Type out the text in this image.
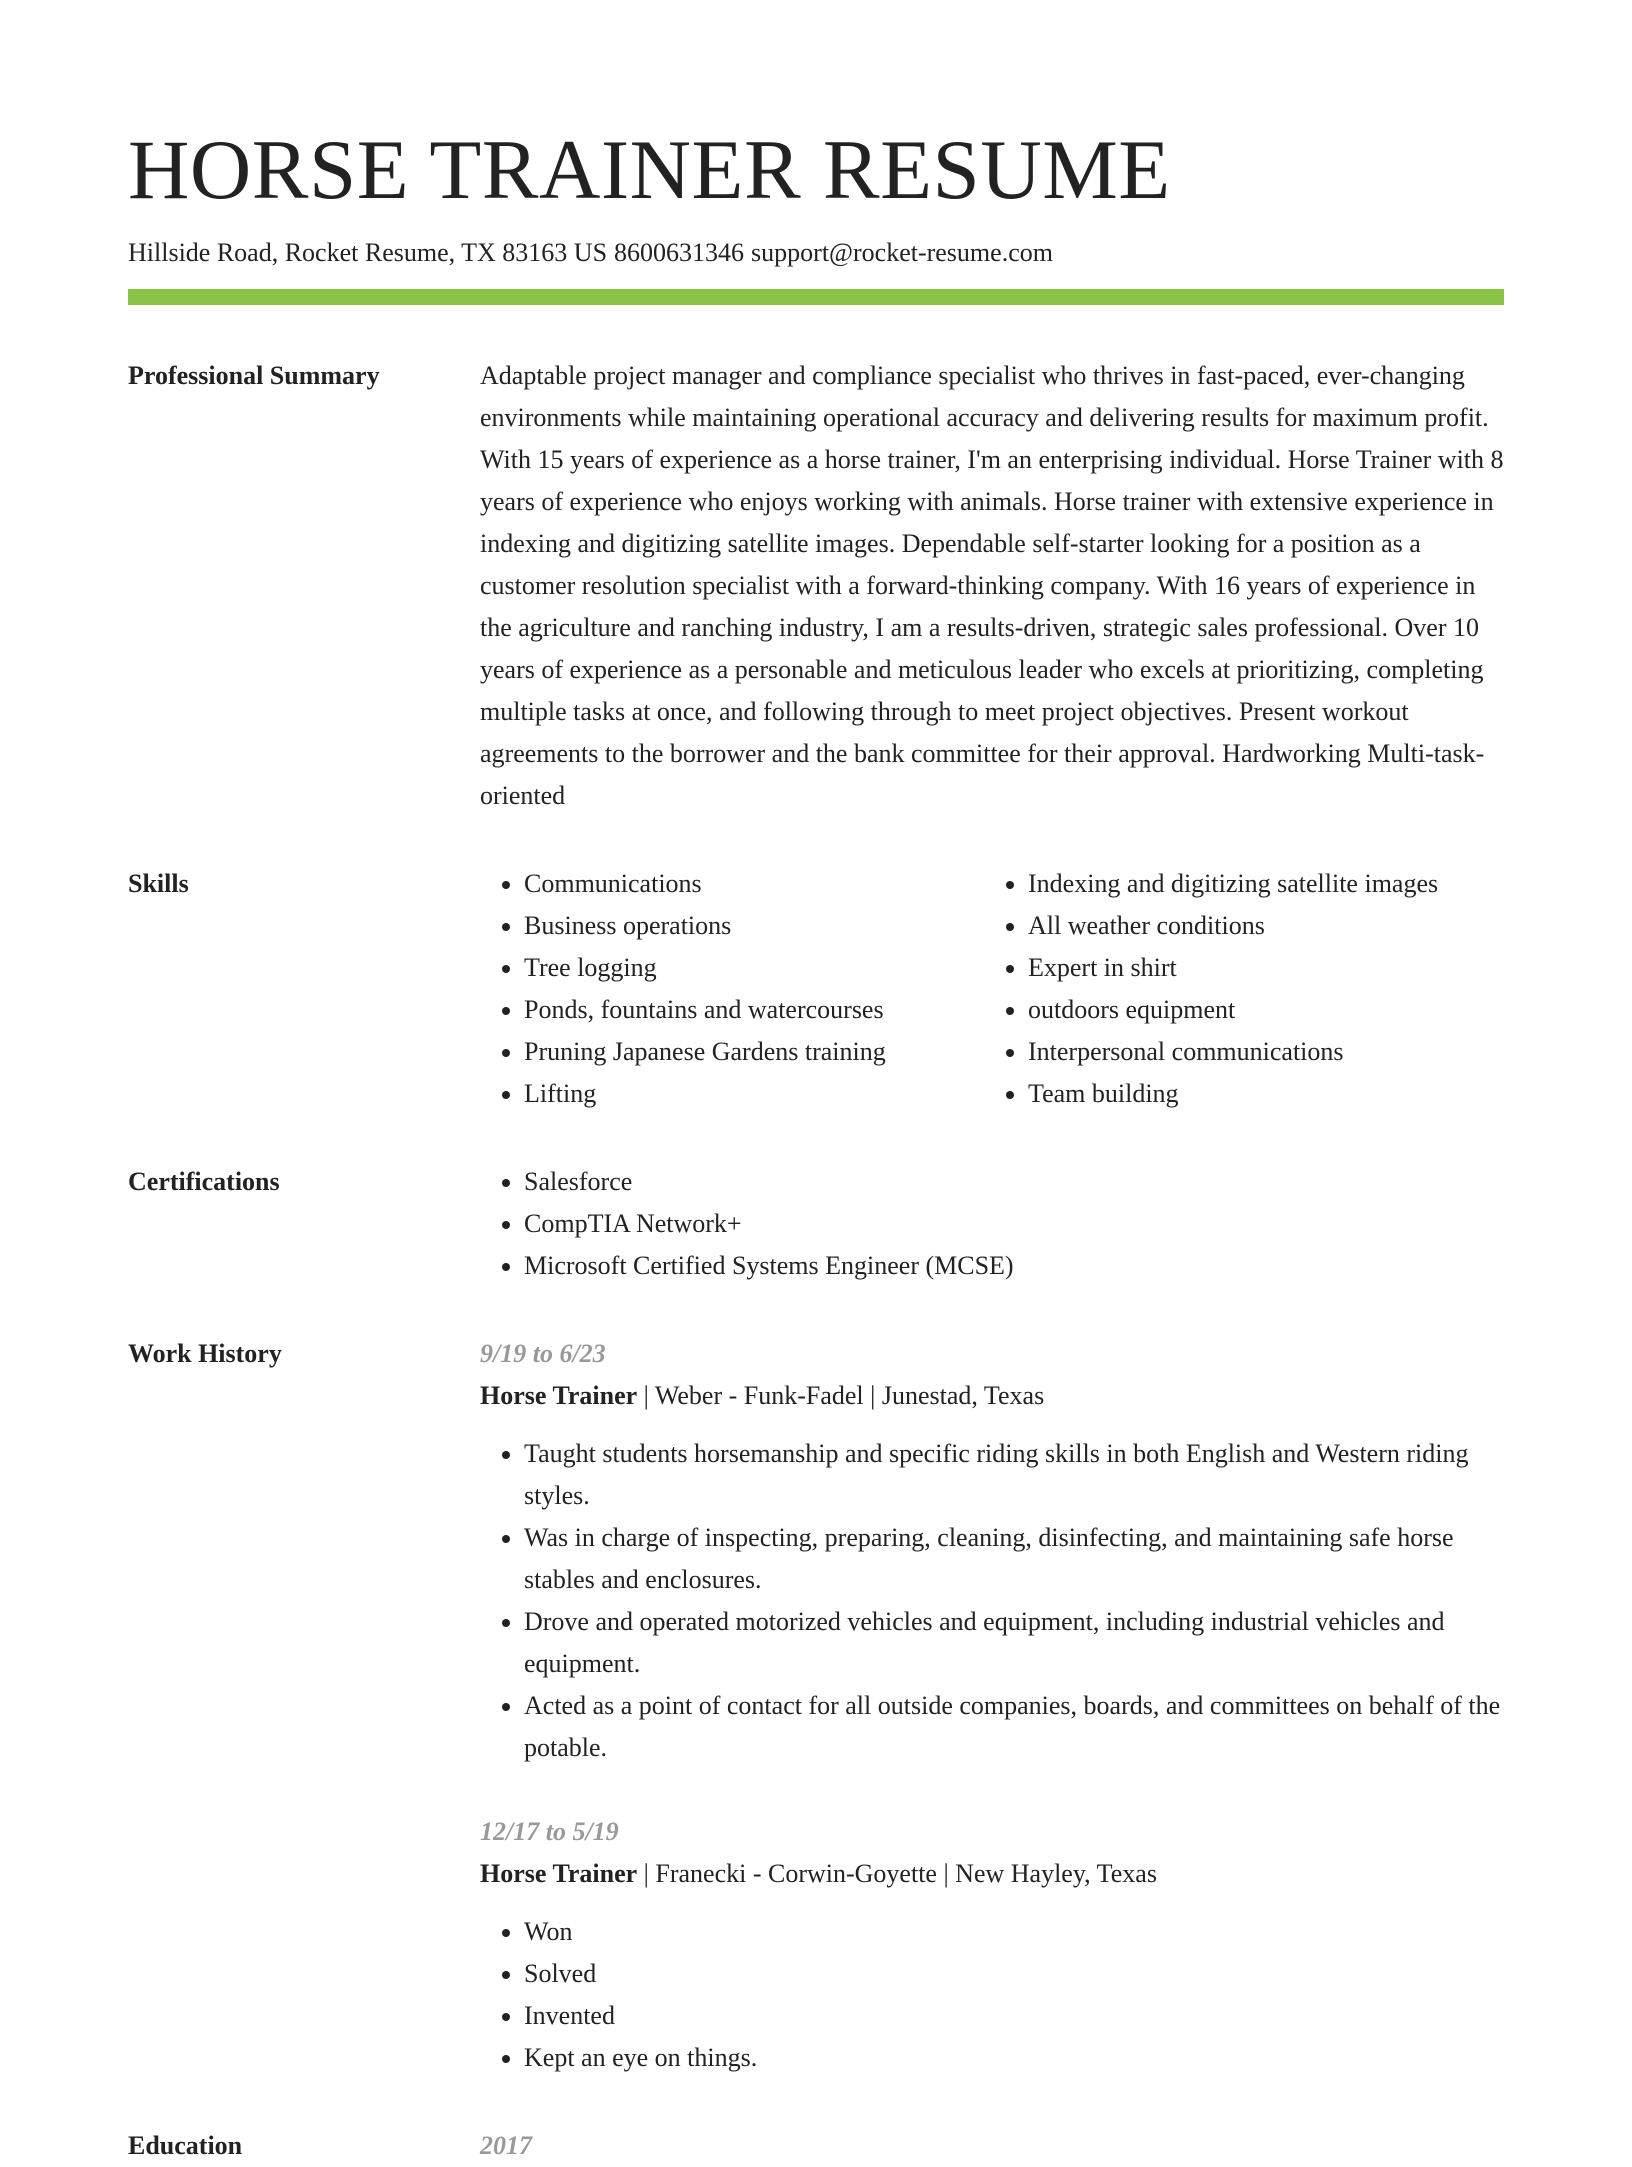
HORSE TRAINER RESUME
Hillside Road, Rocket Resume, TX 83163 US 8600631346 support@rocket-resume.com
Professional Summary	Adaptable project manager and compliance specialist who thrives in fast-paced, ever-changing environments while maintaining operational accuracy and delivering results for maximum profit. With 15 years of experience as a horse trainer, I'm an enterprising individual. Horse Trainer with 8 years of experience who enjoys working with animals. Horse trainer with extensive experience in indexing and digitizing satellite images. Dependable self-starter looking for a position as a customer resolution specialist with a forward-thinking company. With 16 years of experience in the agriculture and ranching industry, I am a results-driven, strategic sales professional. Over 10 years of experience as a personable and meticulous leader who excels at prioritizing, completing multiple tasks at once, and following through to meet project objectives. Present workout agreements to the borrower and the bank committee for their approval. Hardworking Multi-task-oriented
Skills	• Communications
• Business operations
• Tree logging
• Ponds, fountains and watercourses
• Pruning Japanese Gardens training
• Lifting
• Indexing and digitizing satellite images
• All weather conditions
• Expert in shirt
• outdoors equipment
• Interpersonal communications
• Team building
Certifications	• Salesforce
• CompTIA Network+
• Microsoft Certified Systems Engineer (MCSE)
Work History	9/19 to 6/23
Horse Trainer | Weber - Funk-Fadel | Junestad, Texas
• Taught students horsemanship and specific riding skills in both English and Western riding styles.
• Was in charge of inspecting, preparing, cleaning, disinfecting, and maintaining safe horse stables and enclosures.
• Drove and operated motorized vehicles and equipment, including industrial vehicles and equipment.
• Acted as a point of contact for all outside companies, boards, and committees on behalf of the potable.
12/17 to 5/19
Horse Trainer | Franecki - Corwin-Goyette | New Hayley, Texas
• Won
• Solved
• Invented
• Kept an eye on things.
Education	2017
